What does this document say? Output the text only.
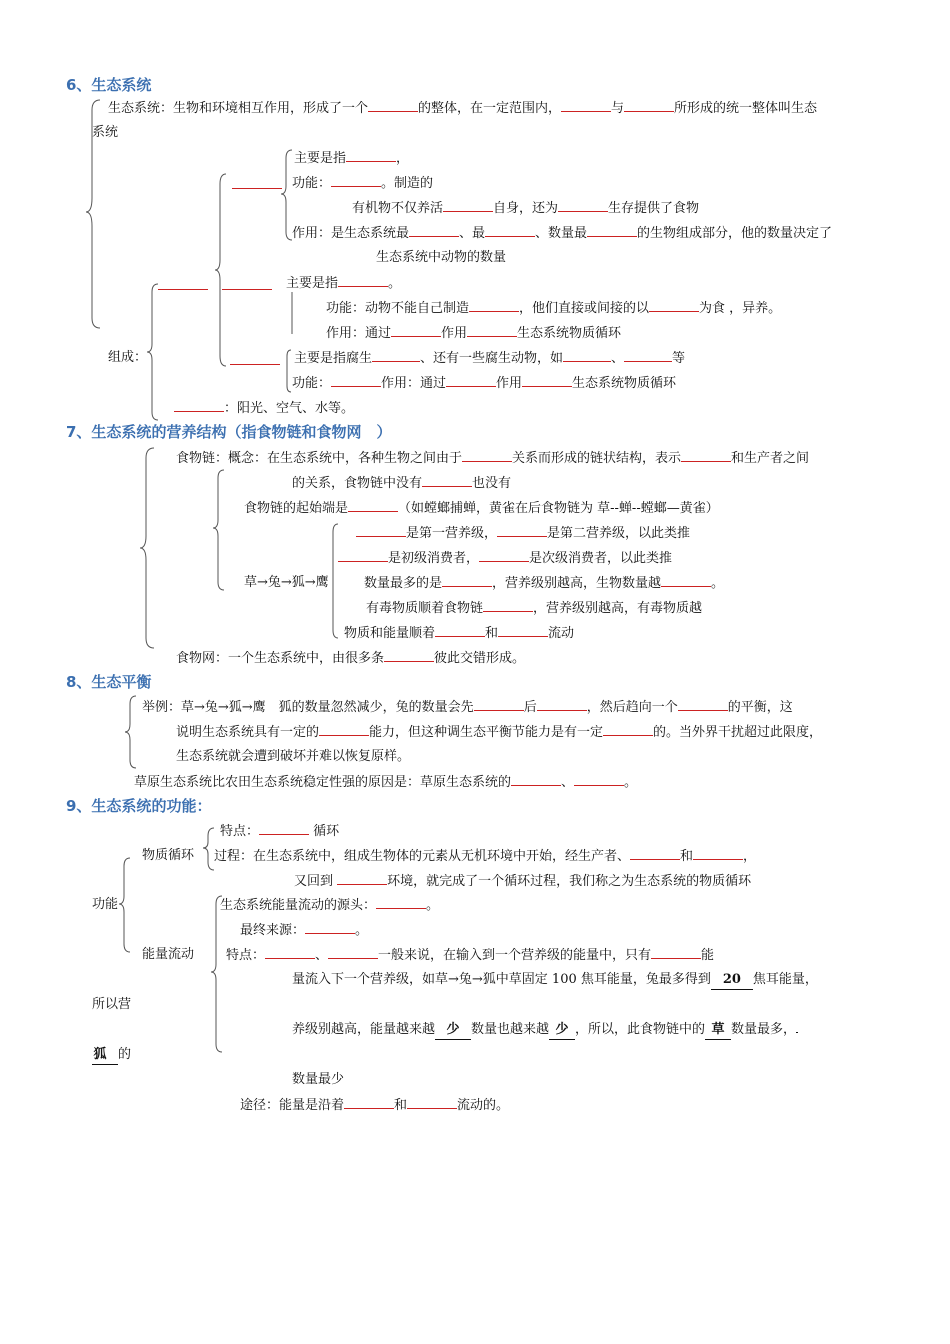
6、生态系统
生态系统：生物和环境相互作用，形成了一个	的整体，在一定范围内，	与	所形成的统一整体叫生态
系统
主要是指	，
功能：	。制造的
有机物不仅养活	自身，还为	生存提供了食物
作用：是生态系统最	、最	、数量最	的生物组成部分，他的数量决定了
生态系统中动物的数量
主要是指	。
功能：动物不能自己制造	，他们直接或间接的以	为食 ，异养。
作用：通过	作用	生态系统物质循环
组成：	主要是指腐生	、还有一些腐生动物，如	、	等
功能：	作用：通过	作用	生态系统物质循环
：阳光、空气、水等。
7、生态系统的营养结构（指食物链和食物网　）
食物链：概念：在生态系统中，各种生物之间由于	关系而形成的链状结构，表示	和生产者之间
的关系，食物链中没有	也没有
食物链的起始端是	（如螳螂捕蝉，黄雀在后食物链为 草--蝉--螳螂—黄雀）
是第一营养级，	是第二营养级，以此类推
是初级消费者，	是次级消费者，以此类推
草→兔→狐→鹰	数量最多的是	，营养级别越高，生物数量越	。
有毒物质顺着食物链	，营养级别越高，有毒物质越
物质和能量顺着	和	流动
食物网：一个生态系统中，由很多条	彼此交错形成。
8、生态平衡
举例：草→兔→狐→鹰　狐的数量忽然减少，兔的数量会先	后	，然后趋向一个	的平衡，这
说明生态系统具有一定的	能力，但这种调生态平衡节能力是有一定	的。当外界干扰超过此限度，
生态系统就会遭到破坏并难以恢复原样。
草原生态系统比农田生态系统稳定性强的原因是：草原生态系统的	、	。
9、生态系统的功能：
特点：	循环
物质循环 过程：在生态系统中，组成生物体的元素从无机环境中开始，经生产者、	和	，
又回到	环境，就完成了一个循环过程，我们称之为生态系统的物质循环
功能	生态系统能量流动的源头：	。
最终来源：	。
能量流动 特点：	、	一般来说，在输入到一个营养级的能量中，只有	能
量流入下一个营养级，如草→兔→狐中草固定 100 焦耳能量，兔最多得到 20 焦耳能量，
所以营
养级别越高，能量越来越 少 数量也越来越 少 ，所以，此食物链中的 草 数量最多，
狐 的
数量最少
途径：能量是沿着	和	流动的。
